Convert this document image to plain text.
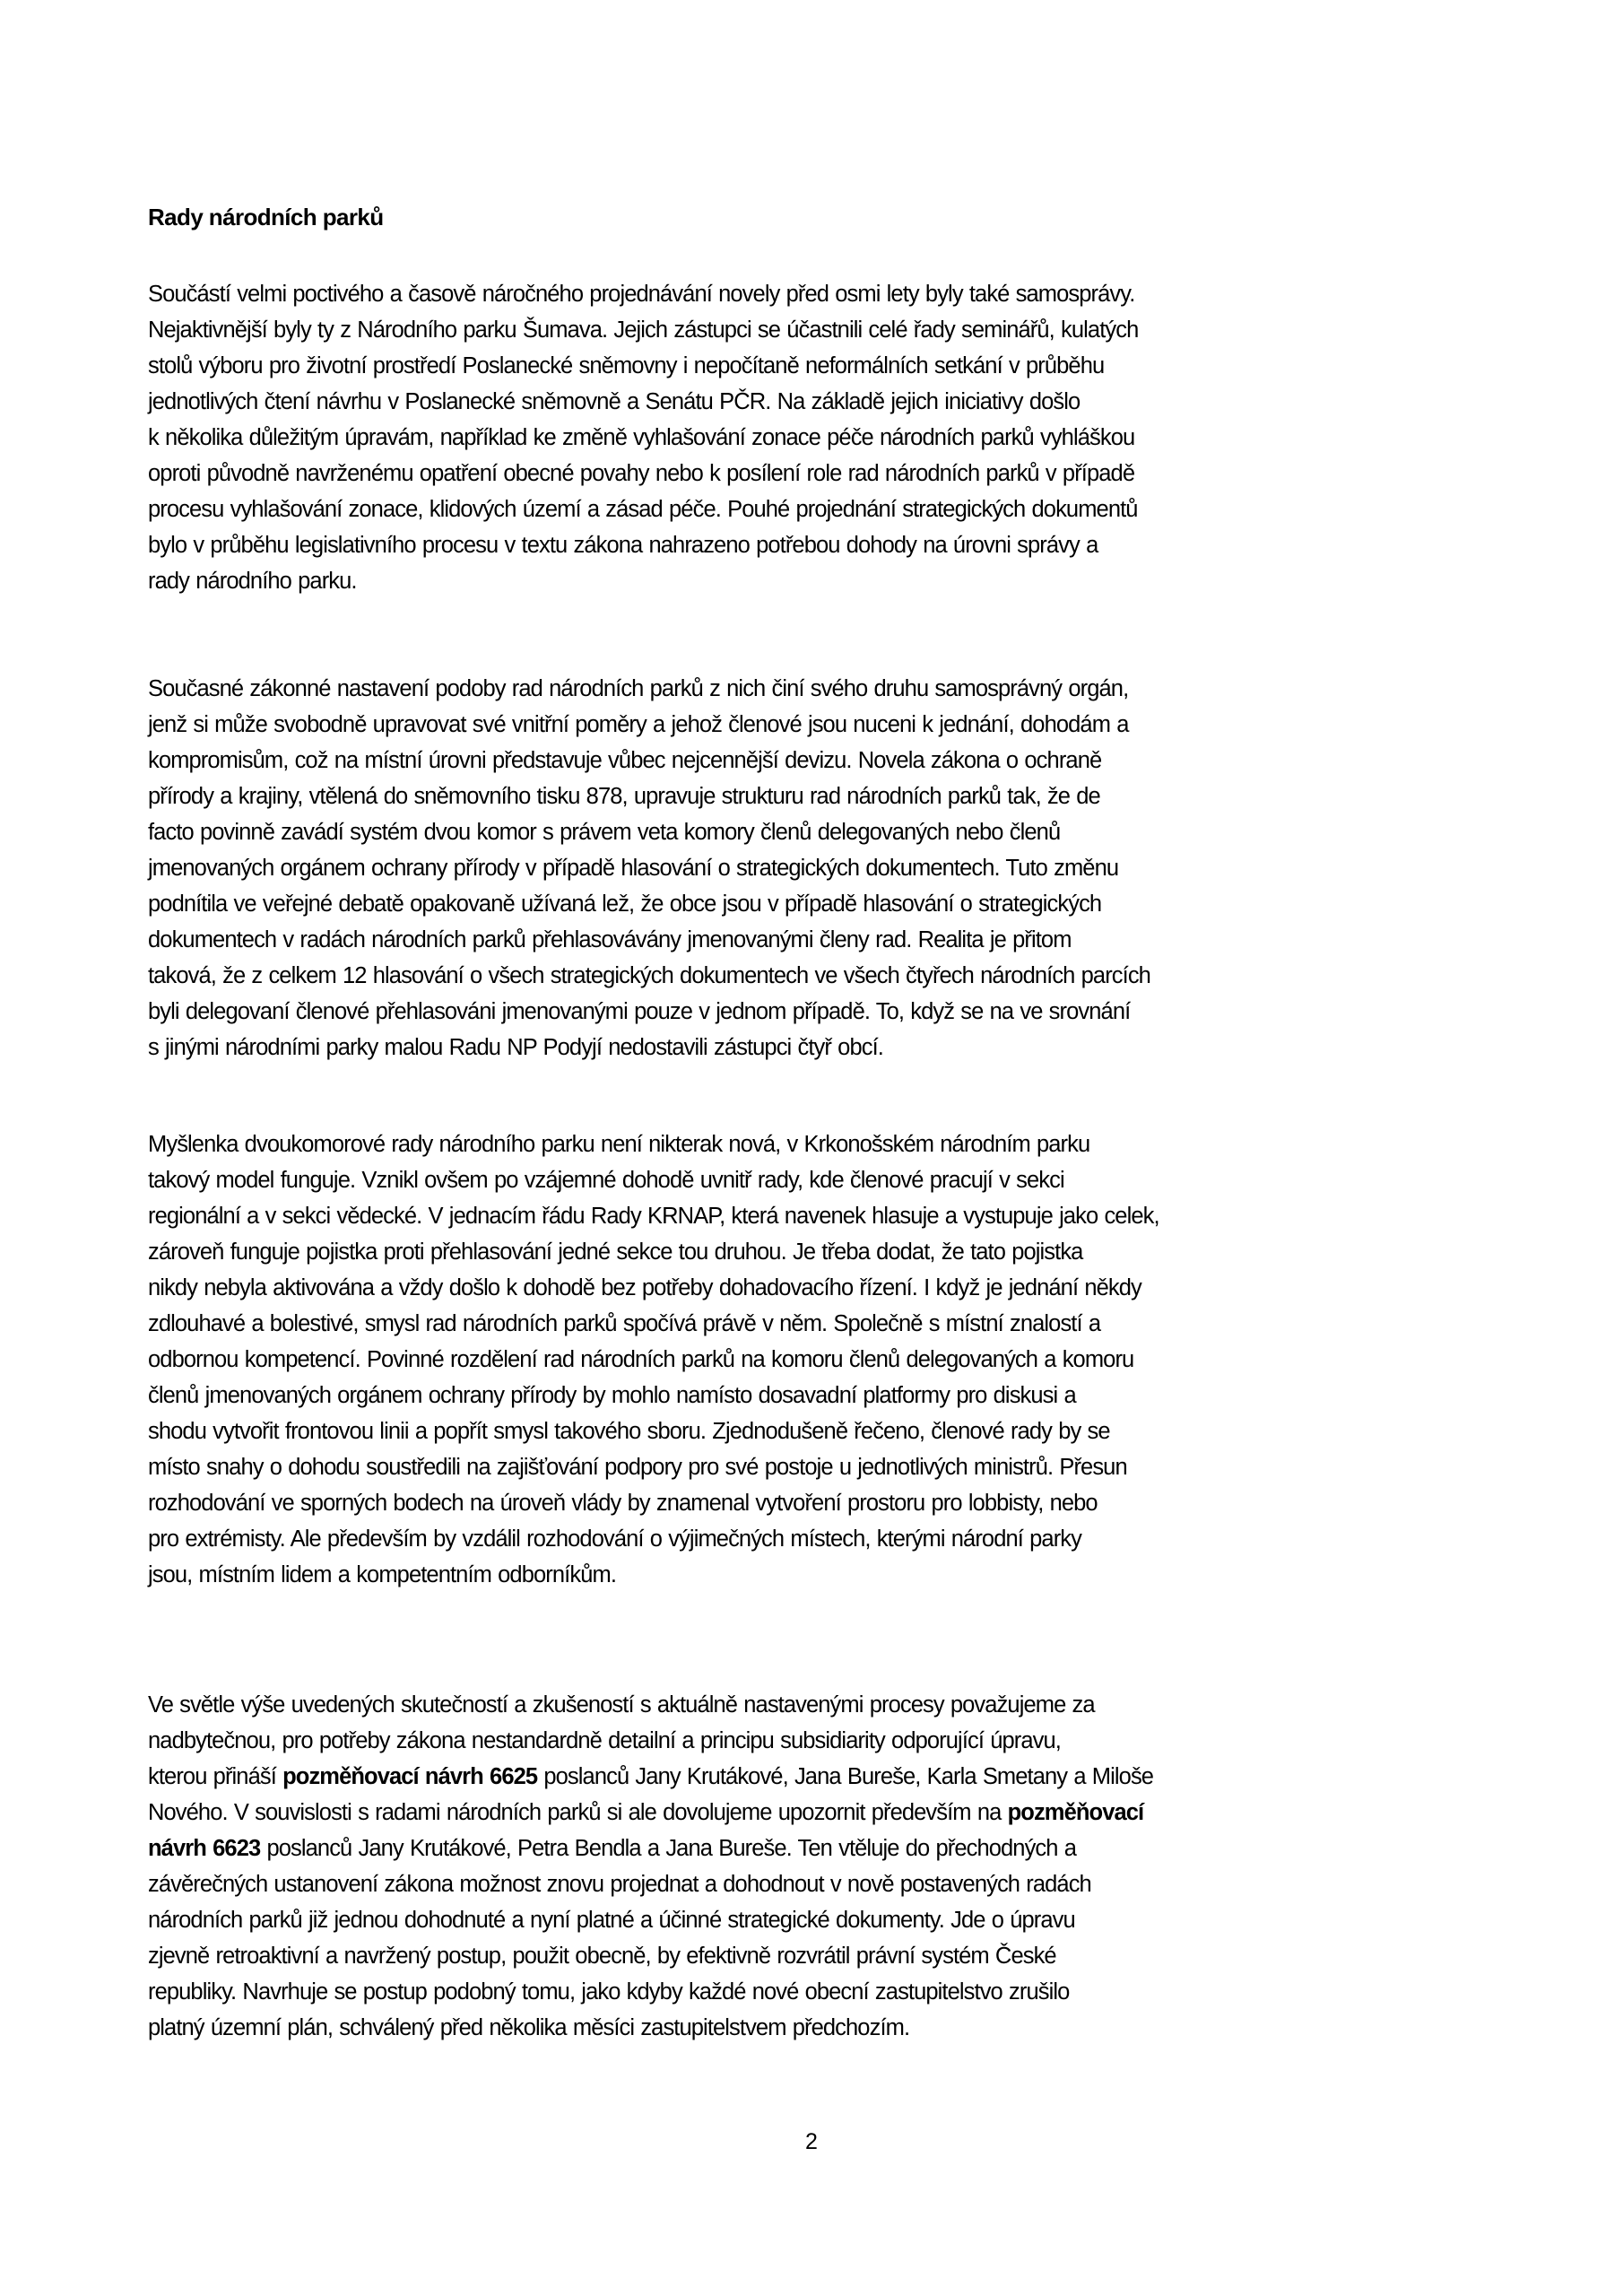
Rady národních parků
Součástí velmi poctivého a časově náročného projednávání novely před osmi lety byly také samosprávy.
Nejaktivnější byly ty z Národního parku Šumava. Jejich zástupci se účastnili celé řady seminářů, kulatých
stolů výboru pro životní prostředí Poslanecké sněmovny i nepočítaně neformálních setkání v průběhu
jednotlivých čtení návrhu v Poslanecké sněmovně a Senátu PČR. Na základě jejich iniciativy došlo
k několika důležitým úpravám, například ke změně vyhlašování zonace péče národních parků vyhláškou
oproti původně navrženému opatření obecné povahy nebo k posílení role rad národních parků v případě
procesu vyhlašování zonace, klidových území a zásad péče. Pouhé projednání strategických dokumentů
bylo v průběhu legislativního procesu v textu zákona nahrazeno potřebou dohody na úrovni správy a
rady národního parku.
Současné zákonné nastavení podoby rad národních parků z nich činí svého druhu samosprávný orgán,
jenž si může svobodně upravovat své vnitřní poměry a jehož členové jsou nuceni k jednání, dohodám a
kompromisům, což na místní úrovni představuje vůbec nejcennější devizu. Novela zákona o ochraně
přírody a krajiny, vtělená do sněmovního tisku 878, upravuje strukturu rad národních parků tak, že de
facto povinně zavádí systém dvou komor s právem veta komory členů delegovaných nebo členů
jmenovaných orgánem ochrany přírody v případě hlasování o strategických dokumentech. Tuto změnu
podnítila ve veřejné debatě opakovaně užívaná lež, že obce jsou v případě hlasování o strategických
dokumentech v radách národních parků přehlasovávány jmenovanými členy rad. Realita je přitom
taková, že z celkem 12 hlasování o všech strategických dokumentech ve všech čtyřech národních parcích
byli delegovaní členové přehlasováni jmenovanými pouze v jednom případě. To, když se na ve srovnání
s jinými národními parky malou Radu NP Podyjí nedostavili zástupci čtyř obcí.
Myšlenka dvoukomorové rady národního parku není nikterak nová, v Krkonošském národním parku
takový model funguje. Vznikl ovšem po vzájemné dohodě uvnitř rady, kde členové pracují v sekci
regionální a v sekci vědecké. V jednacím řádu Rady KRNAP, která navenek hlasuje a vystupuje jako celek,
zároveň funguje pojistka proti přehlasování jedné sekce tou druhou. Je třeba dodat, že tato pojistka
nikdy nebyla aktivována a vždy došlo k dohodě bez potřeby dohadovacího řízení. I když je jednání někdy
zdlouhavé a bolestivé, smysl rad národních parků spočívá právě v něm. Společně s místní znalostí a
odbornou kompetencí. Povinné rozdělení rad národních parků na komoru členů delegovaných a komoru
členů jmenovaných orgánem ochrany přírody by mohlo namísto dosavadní platformy pro diskusi a
shodu vytvořit frontovou linii a popřít smysl takového sboru. Zjednodušeně řečeno, členové rady by se
místo snahy o dohodu soustředili na zajišťování podpory pro své postoje u jednotlivých ministrů. Přesun
rozhodování ve sporných bodech na úroveň vlády by znamenal vytvoření prostoru pro lobbisty, nebo
pro extrémisty. Ale především by vzdálil rozhodování o výjimečných místech, kterými národní parky
jsou, místním lidem a kompetentním odborníkům.
Ve světle výše uvedených skutečností a zkušeností s aktuálně nastavenými procesy považujeme za
nadbytečnou, pro potřeby zákona nestandardně detailní a principu subsidiarity odporující úpravu,
kterou přináší pozměňovací návrh 6625 poslanců Jany Krutákové, Jana Bureše, Karla Smetany a Miloše
Nového. V souvislosti s radami národních parků si ale dovolujeme upozornit především na pozměňovací
návrh 6623 poslanců Jany Krutákové, Petra Bendla a Jana Bureše. Ten vtěluje do přechodných a
závěrečných ustanovení zákona možnost znovu projednat a dohodnout v nově postavených radách
národních parků již jednou dohodnuté a nyní platné a účinné strategické dokumenty. Jde o úpravu
zjevně retroaktivní a navržený postup, použit obecně, by efektivně rozvrátil právní systém České
republiky. Navrhuje se postup podobný tomu, jako kdyby každé nové obecní zastupitelstvo zrušilo
platný územní plán, schválený před několika měsíci zastupitelstvem předchozím.
2
